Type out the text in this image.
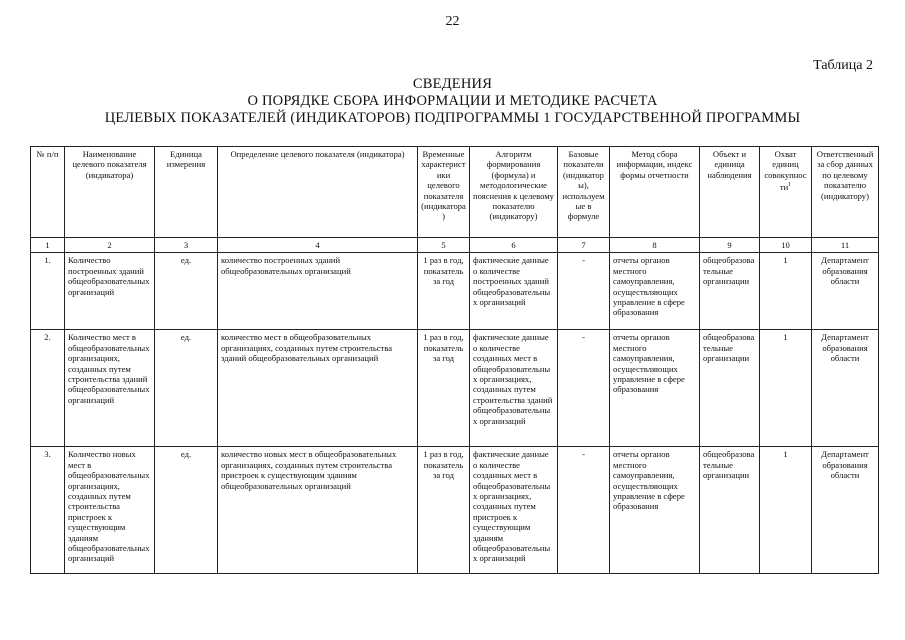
22
Таблица 2
СВЕДЕНИЯ
О ПОРЯДКЕ СБОРА ИНФОРМАЦИИ И МЕТОДИКЕ РАСЧЕТА
ЦЕЛЕВЫХ ПОКАЗАТЕЛЕЙ (ИНДИКАТОРОВ) ПОДПРОГРАММЫ 1 ГОСУДАРСТВЕННОЙ ПРОГРАММЫ
№ п/п	Наименование целевого показателя (индикатора)	Единица измерения	Определение целевого показателя (индикатора)	Временные характеристики целевого показателя (индикатора)	Алгоритм формирования (формула) и методологические пояснения к целевому показателю (индикатору)	Базовые показатели (индикаторы), используемые в формуле	Метод сбора информации, индекс формы отчетности	Объект и единица наблюдения	Охват единиц совокупности$^1$	Ответственный за сбор данных по целевому показателю (индикатору)
1	2	3	4	5	6	7	8	9	10	11
1.	Количество построенных зданий общеобразовательных организаций	ед.	количество построенных зданий общеобразовательных организаций	1 раз в год, показатель за год	фактические данные о количестве построенных зданий общеобразовательных организаций	-	отчеты органов местного самоуправления, осуществляющих управление в сфере образования	общеобразовательные организации	1	Департамент образования области
2.	Количество мест в общеобразовательных организациях, созданных путем строительства зданий общеобразовательных организаций	ед.	количество мест в общеобразовательных организациях, созданных путем строительства зданий общеобразовательных организаций	1 раз в год, показатель за год	фактические данные о количестве созданных мест в общеобразовательных организациях, созданных путем строительства зданий общеобразовательных организаций	-	отчеты органов местного самоуправления, осуществляющих управление в сфере образования	общеобразовательные организации	1	Департамент образования области
3.	Количество новых мест в общеобразовательных организациях, созданных путем строительства пристроек к существующим зданиям общеобразовательных организаций	ед.	количество новых мест в общеобразовательных организациях, созданных путем строительства пристроек к существующим зданиям общеобразовательных организаций	1 раз в год, показатель за год	фактические данные о количестве созданных мест в общеобразовательных организациях, созданных путем пристроек к существующим зданиям общеобразовательных организаций	-	отчеты органов местного самоуправления, осуществляющих управление в сфере образования	общеобразовательные организации	1	Департамент образования области
